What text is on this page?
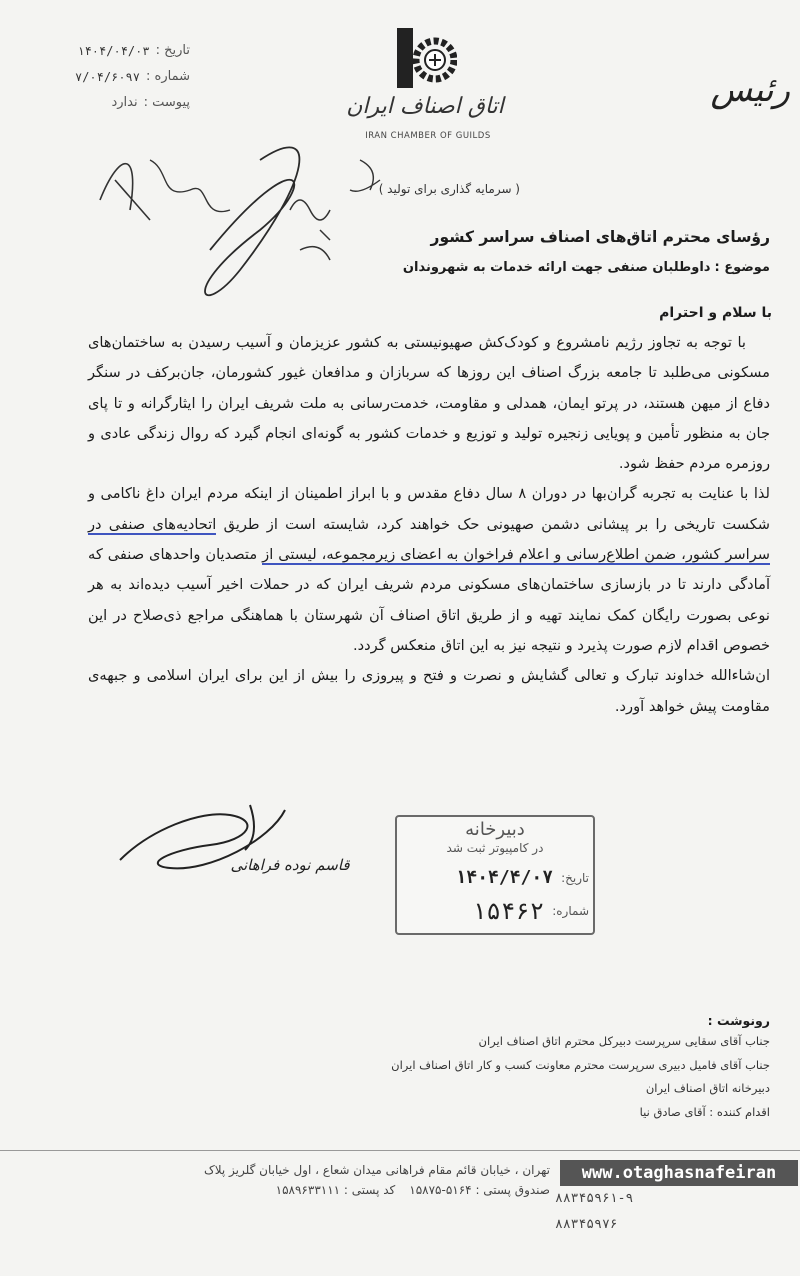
اتاق اصناف ایران
IRAN CHAMBER OF GUILDS
رئیس
تاریخ :
۱۴۰۴/۰۴/۰۳
شماره :
۷/۰۴/۶۰۹۷
پیوست :
ندارد
( سرمایه گذاری برای تولید )
رؤسای محترم اتاق‌های اصناف سراسر کشور
موضوع :داوطلبان صنفی جهت ارائه خدمات به شهروندان
با سلام و احترام

با توجه به تجاوز رژیم نامشروع و کودک‌کش صهیونیستی به کشور عزیزمان و آسیب رسیدن به ساختمان‌های مسکونی می‌طلبد تا جامعه بزرگ اصناف این روزها که سربازان و مدافعان غیور کشورمان، جان‌برکف در سنگر دفاع از میهن هستند، در پرتو ایمان، همدلی و مقاومت، خدمت‌رسانی به ملت شریف ایران را ایثارگرانه و تا پای جان به منظور تأمین و پویایی زنجیره تولید و توزیع و خدمات کشور به گونه‌ای انجام گیرد که روال زندگی عادی و روزمره مردم حفظ شود.

لذا با عنایت به تجربه گران‌بها در دوران ۸ سال دفاع مقدس و با ابراز اطمینان از اینکه مردم ایران داغ ناکامی و شکست تاریخی را بر پیشانی دشمن صهیونی حک خواهند کرد، شایسته است از طریق اتحادیه‌های صنفی در سراسر کشور، ضمن اطلاع‌رسانی و اعلام فراخوان به اعضای زیرمجموعه، لیستی از متصدیان واحدهای صنفی که آمادگی دارند تا در بازسازی ساختمان‌های مسکونی مردم شریف ایران که در حملات اخیر آسیب دیده‌اند به هر نوعی بصورت رایگان کمک نمایند تهیه و از طریق اتاق اصناف آن شهرستان با هماهنگی مراجع ذی‌صلاح در این خصوص اقدام لازم صورت پذیرد و نتیجه نیز به این اتاق منعکس گردد.

ان‌شاءالله خداوند تبارک و تعالی گشایش و نصرت و فتح و پیروزی را بیش از این برای ایران اسلامی و جبهه‌ی مقاومت پیش خواهد آورد.

قاسم نوده فراهانی
دبیرخانه
در کامپیوتر ثبت شد
تاریخ:
۱۴۰۴/۴/۰۷
شماره:
۱۵۴۶۲
رونوشت :
جناب آقای سقایی سرپرست دبیرکل محترم اتاق اصناف ایران
جناب آقای فامیل دبیری سرپرست محترم معاونت کسب و کار اتاق اصناف ایران
دبیرخانه اتاق اصناف ایران
اقدام کننده : آقای صادق نیا
www.otaghasnafeiran
۸۸۳۴۵۹۶۱-۹
۸۸۳۴۵۹۷۶
تهران ، خیابان قائم مقام فراهانی میدان شعاع ، اول خیابان گلریز پلاک
صندوق پستی : ۵۱۶۴-۱۵۸۷۵
کد پستی : ۱۵۸۹۶۳۳۱۱۱
